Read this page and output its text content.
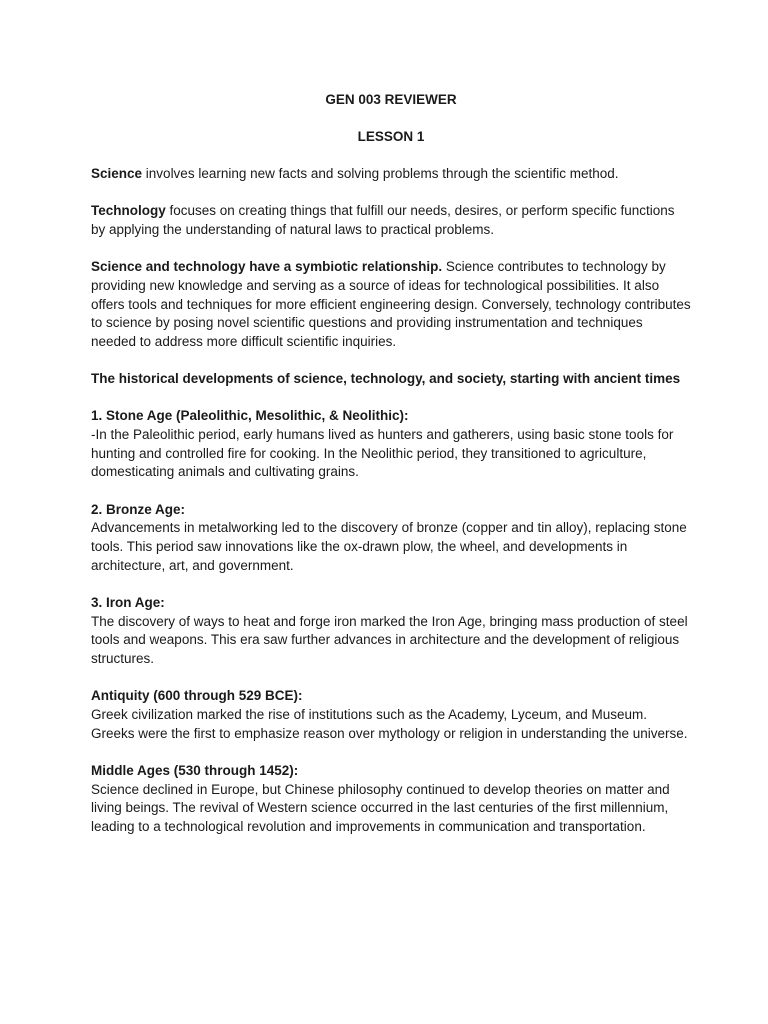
GEN 003 REVIEWER
LESSON 1

Science involves learning new facts and solving problems through the scientific method.

Technology focuses on creating things that fulfill our needs, desires, or perform specific functions by applying the understanding of natural laws to practical problems.

Science and technology have a symbiotic relationship. Science contributes to technology by providing new knowledge and serving as a source of ideas for technological possibilities. It also offers tools and techniques for more efficient engineering design. Conversely, technology contributes to science by posing novel scientific questions and providing instrumentation and techniques needed to address more difficult scientific inquiries.

The historical developments of science, technology, and society, starting with ancient times

1. Stone Age (Paleolithic, Mesolithic, & Neolithic):
-In the Paleolithic period, early humans lived as hunters and gatherers, using basic stone tools for hunting and controlled fire for cooking. In the Neolithic period, they transitioned to agriculture, domesticating animals and cultivating grains.

2. Bronze Age:
Advancements in metalworking led to the discovery of bronze (copper and tin alloy), replacing stone tools. This period saw innovations like the ox-drawn plow, the wheel, and developments in architecture, art, and government.

3. Iron Age:
The discovery of ways to heat and forge iron marked the Iron Age, bringing mass production of steel tools and weapons. This era saw further advances in architecture and the development of religious structures.

Antiquity (600 through 529 BCE):
Greek civilization marked the rise of institutions such as the Academy, Lyceum, and Museum. Greeks were the first to emphasize reason over mythology or religion in understanding the universe.

Middle Ages (530 through 1452):
Science declined in Europe, but Chinese philosophy continued to develop theories on matter and living beings. The revival of Western science occurred in the last centuries of the first millennium, leading to a technological revolution and improvements in communication and transportation.
